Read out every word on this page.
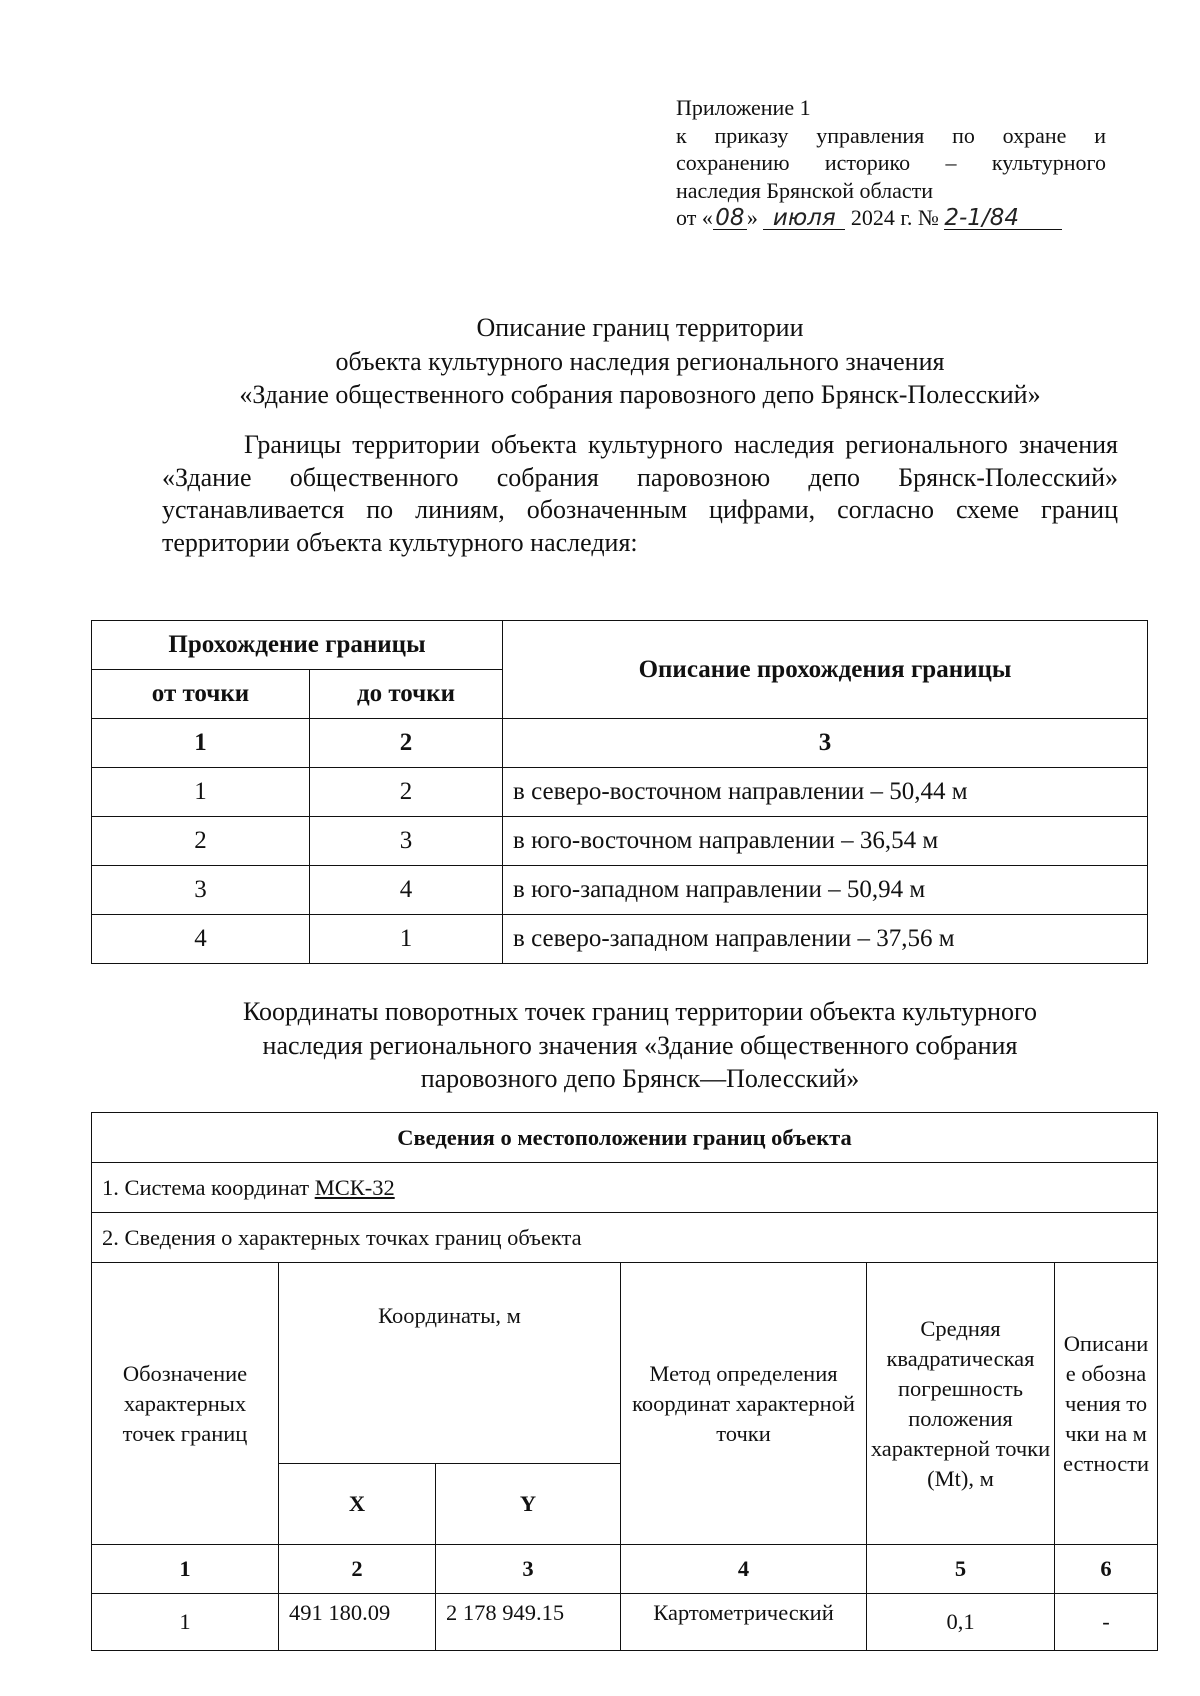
Приложение 1
к приказу управления по охране и
сохранению историко – культурного
наследия Брянской области
от « 08 » июля 2024 г. № 2-1/84
Описание границ территории
объекта культурного наследия регионального значения
«Здание общественного собрания паровозного депо Брянск-Полесский»
Границы территории объекта культурного наследия регионального значения «Здание общественного собрания паровозною депо Брянск-Полесский» устанавливается по линиям, обозначенным цифрами, согласно схеме границ территории объекта культурного наследия:
Прохождение границы		Описание прохождения границы
от точки	до точки	
1	2	3
1	2	в северо-восточном направлении – 50,44 м
2	3	в юго-восточном направлении – 36,54 м
3	4	в юго-западном направлении – 50,94 м
4	1	в северо-западном направлении – 37,56 м
Координаты поворотных точек границ территории объекта культурного
наследия регионального значения «Здание общественного собрания
паровозного депо Брянск—Полесский»
Сведения о местоположении границ объекта					
1. Система координат МСК-32					
2. Сведения о характерных точках границ объекта					
Обозначение характерных точек границ	Координаты, м		Метод определения координат характерной точки	Средняя квадратическая погрешность положения характерной точки (Mt), м	Описание обозначения точки на местности
	X	Y			
1	2	3	4	5	6
1	491 180.09	2 178 949.15	Картометрический	0,1	-
